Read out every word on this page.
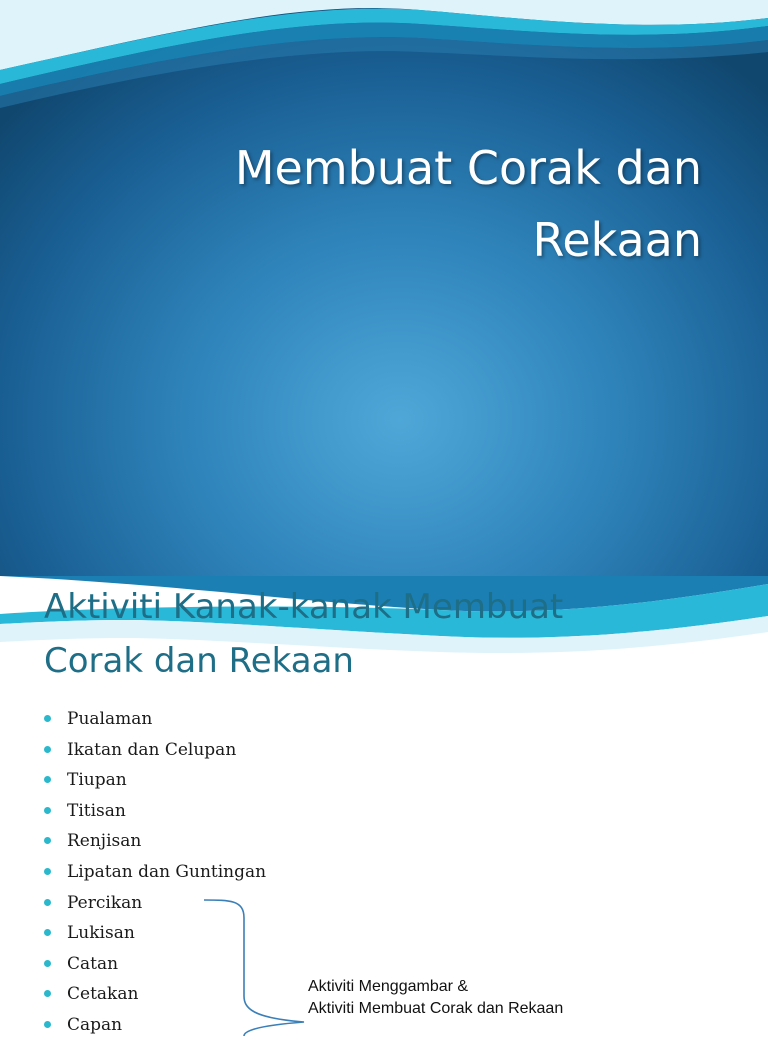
Membuat Corak dan
Rekaan
Aktiviti Kanak-kanak Membuat
Corak dan Rekaan
Pualaman
Ikatan dan Celupan
Tiupan
Titisan
Renjisan
Lipatan dan Guntingan
Percikan
Lukisan
Catan
Cetakan
Capan
Aktiviti Menggambar &
Aktiviti Membuat Corak dan Rekaan
